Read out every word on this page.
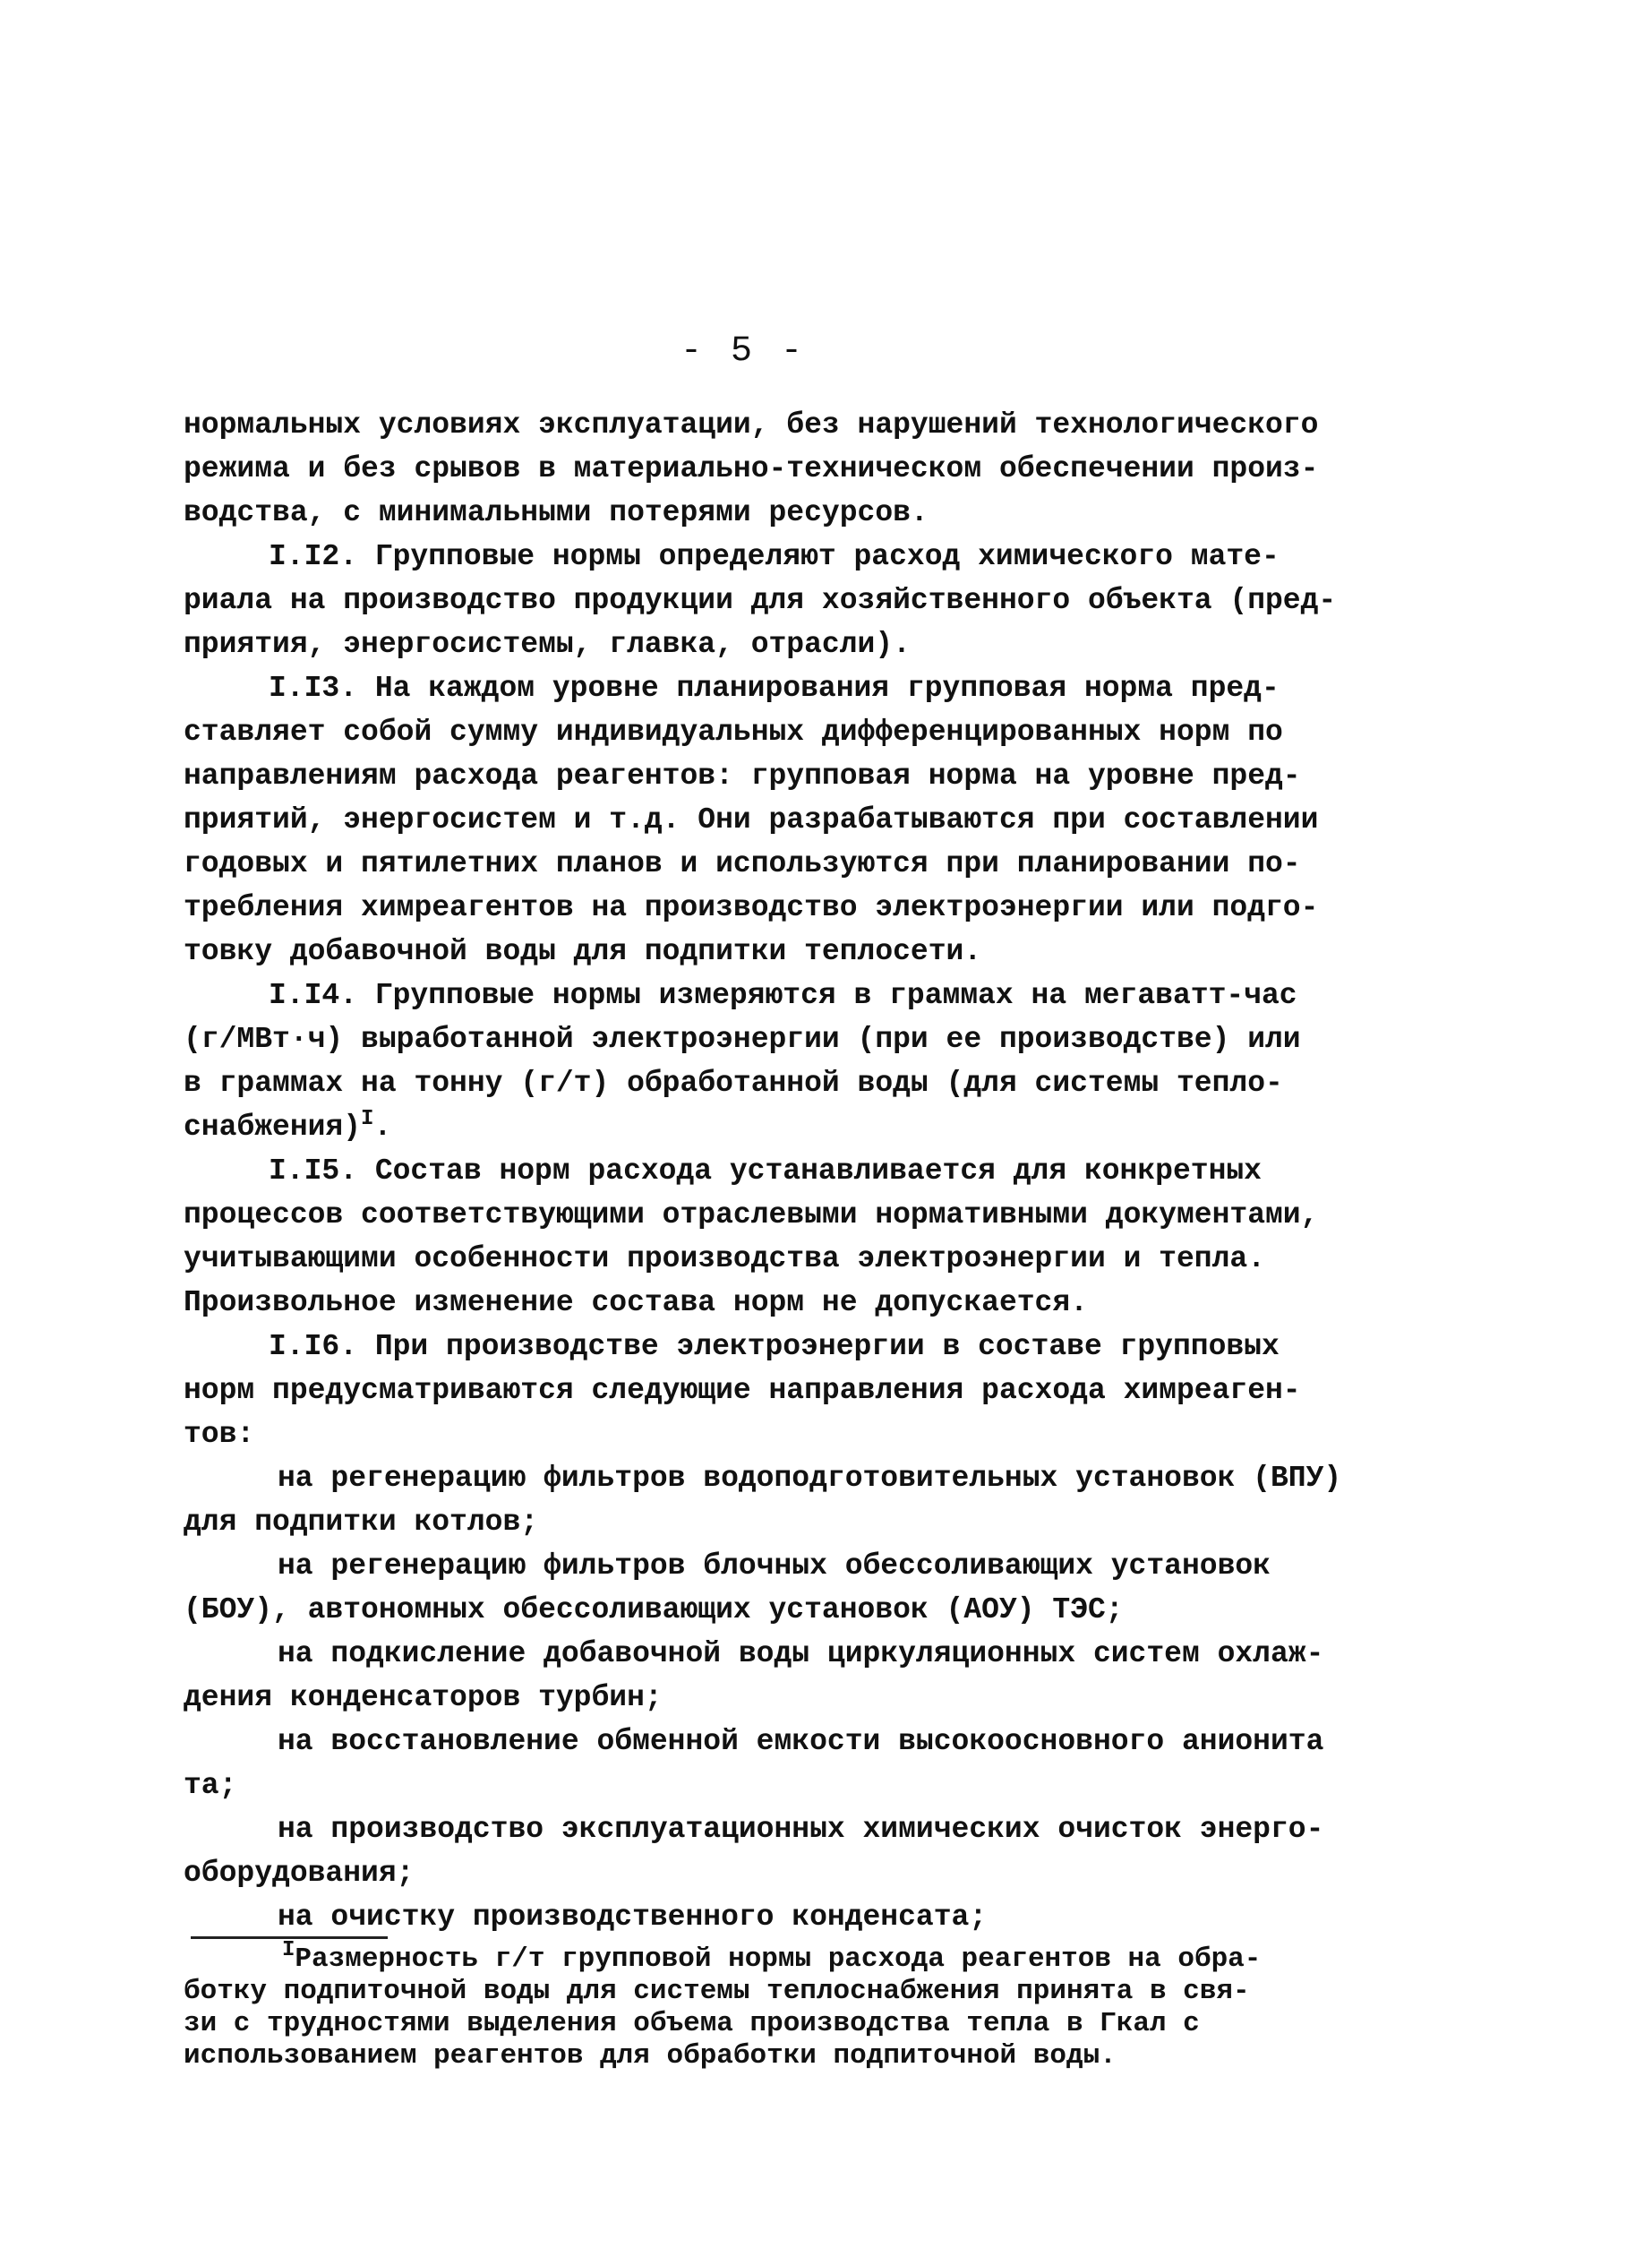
- 5 -
нормальных условиях эксплуатации, без нарушений технологического
режима и без срывов в материально-техническом обеспечении произ-
водства, с минимальными потерями ресурсов.
I.I2. Групповые нормы определяют расход химического мате-
риала на производство продукции для хозяйственного объекта (пред-
приятия, энергосистемы, главка, отрасли).
I.I3. На каждом уровне планирования групповая норма пред-
ставляет собой сумму индивидуальных дифференцированных норм по
направлениям расхода реагентов: групповая норма на уровне пред-
приятий, энергосистем и т.д. Они разрабатываются при составлении
годовых и пятилетних планов и используются при планировании по-
требления химреагентов на производство электроэнергии или подго-
товку добавочной воды для подпитки теплосети.
I.I4. Групповые нормы измеряются в граммах на мегаватт-час
(г/МВт·ч) выработанной электроэнергии (при ее производстве) или
в граммах на тонну (г/т) обработанной воды (для системы тепло-
снабжения)$^I$.
I.I5. Состав норм расхода устанавливается для конкретных
процессов соответствующими отраслевыми нормативными документами,
учитывающими особенности производства электроэнергии и тепла.
Произвольное изменение состава норм не допускается.
I.I6. При производстве электроэнергии в составе групповых
норм предусматриваются следующие направления расхода химреаген-
тов:
на регенерацию фильтров водоподготовительных установок (ВПУ)
для подпитки котлов;
на регенерацию фильтров блочных обессоливающих установок
(БОУ), автономных обессоливающих установок (АОУ) ТЭС;
на подкисление добавочной воды циркуляционных систем охлаж-
дения конденсаторов турбин;
на восстановление обменной емкости высокоосновного анионита
та;
на производство эксплуатационных химических очисток энерго-
оборудования;
на очистку производственного конденсата;
$^I$Размерность г/т групповой нормы расхода реагентов на обра-
ботку подпиточной воды для системы теплоснабжения принята в свя-
зи с трудностями выделения объема производства тепла в Гкал с
использованием реагентов для обработки подпиточной воды.
